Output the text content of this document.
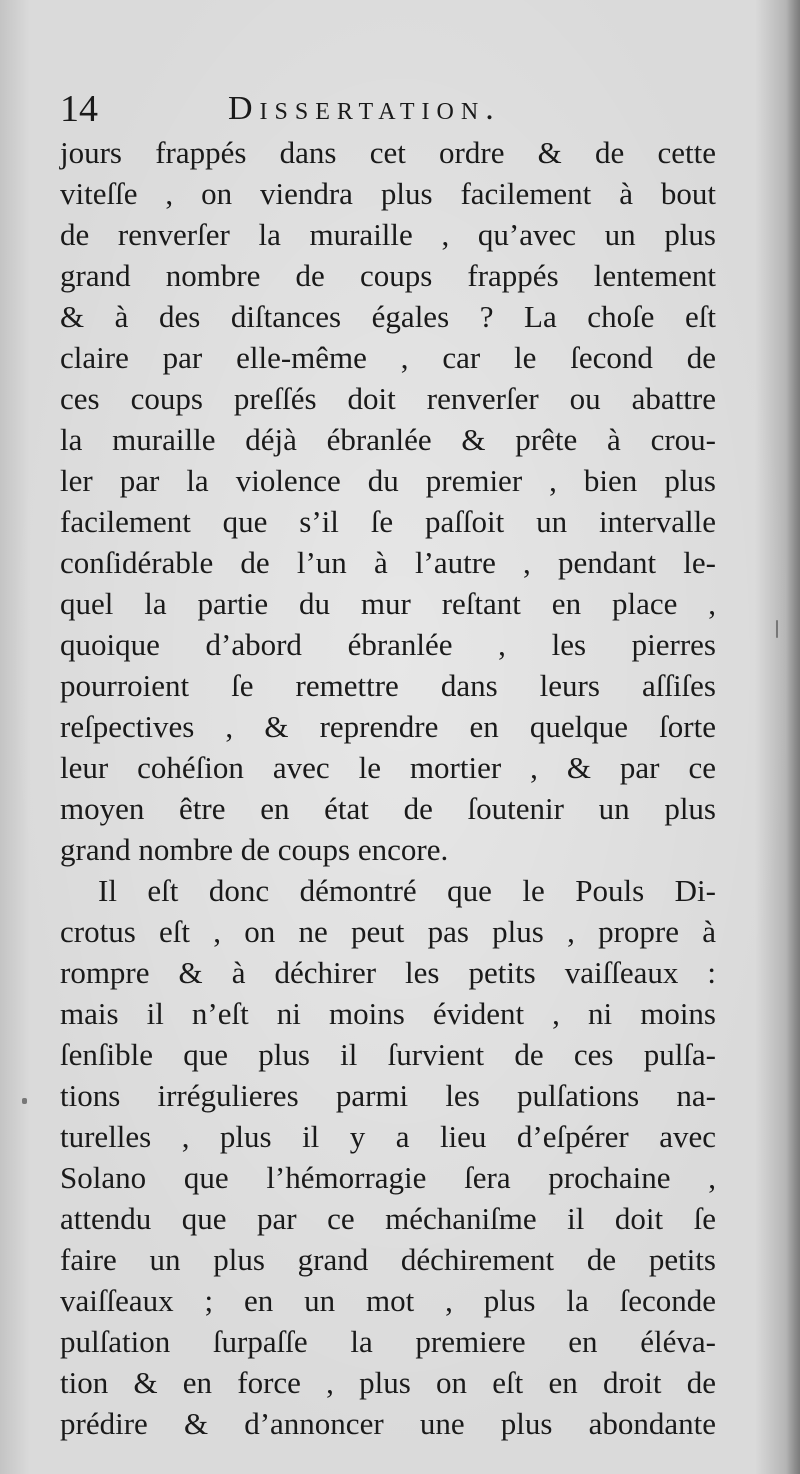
14	Dissertation.
jours frappés dans cet ordre & de cette
viteſſe , on viendra plus facilement à bout
de renverſer la muraille , qu’avec un plus
grand nombre de coups frappés lentement
& à des diſtances égales ? La choſe eſt
claire par elle-même , car le ſecond de
ces coups preſſés doit renverſer ou abattre
la muraille déjà ébranlée & prête à crou-
ler par la violence du premier , bien plus
facilement que s’il ſe paſſoit un intervalle
conſidérable de l’un à l’autre , pendant le-
quel la partie du mur reſtant en place ,
quoique d’abord ébranlée , les pierres
pourroient ſe remettre dans leurs aſſiſes
reſpectives , & reprendre en quelque ſorte
leur cohéſion avec le mortier , & par ce
moyen être en état de ſoutenir un plus
grand nombre de coups encore.
Il eſt donc démontré que le Pouls Di-
crotus eſt , on ne peut pas plus , propre à
rompre & à déchirer les petits vaiſſeaux :
mais il n’eſt ni moins évident , ni moins
ſenſible que plus il ſurvient de ces pulſa-
tions irrégulieres parmi les pulſations na-
turelles , plus il y a lieu d’eſpérer avec
Solano que l’hémorragie ſera prochaine ,
attendu que par ce méchaniſme il doit ſe
faire un plus grand déchirement de petits
vaiſſeaux ; en un mot , plus la ſeconde
pulſation ſurpaſſe la premiere en éléva-
tion & en force , plus on eſt en droit de
prédire & d’annoncer une plus abondante
